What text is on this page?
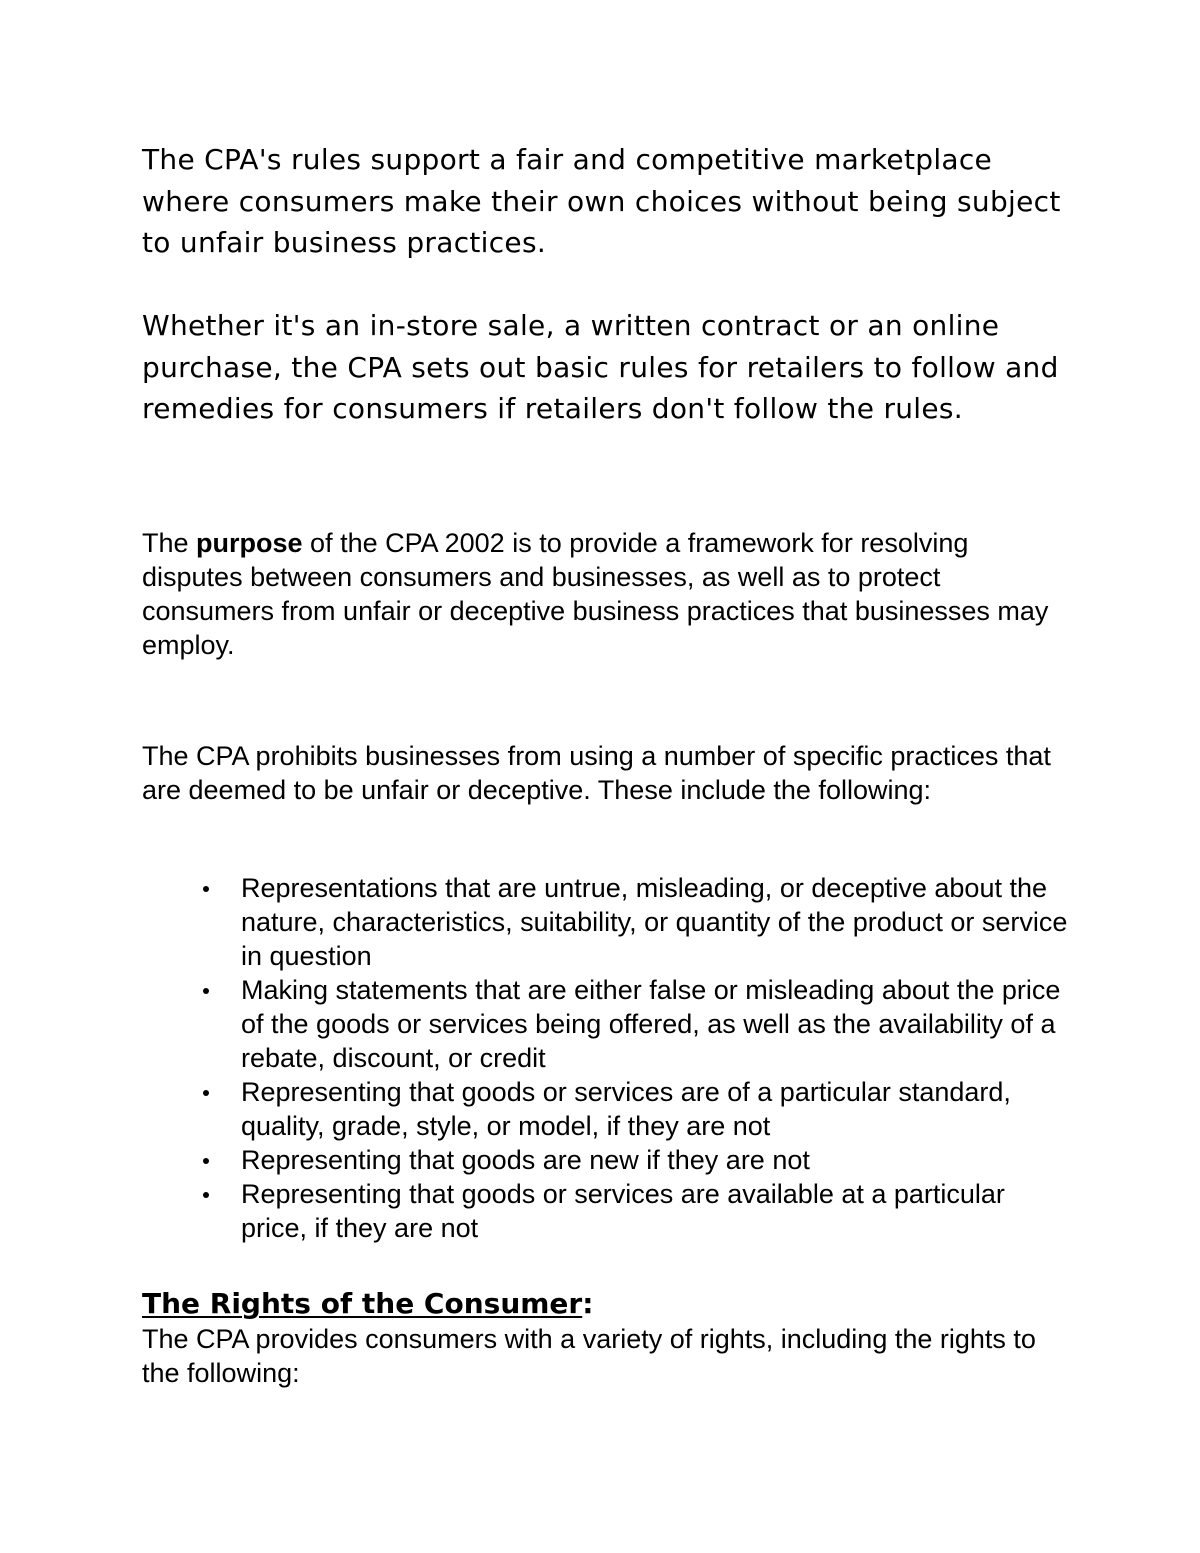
The CPA's rules support a fair and competitive marketplace where consumers make their own choices without being subject to unfair business practices.

Whether it's an in-store sale, a written contract or an online purchase, the CPA sets out basic rules for retailers to follow and remedies for consumers if retailers don't follow the rules.

The purpose of the CPA 2002 is to provide a framework for resolving disputes between consumers and businesses, as well as to protect consumers from unfair or deceptive business practices that businesses may employ.

The CPA prohibits businesses from using a number of specific practices that are deemed to be unfair or deceptive. These include the following:

Representations that are untrue, misleading, or deceptive about the nature, characteristics, suitability, or quantity of the product or service in question
Making statements that are either false or misleading about the price of the goods or services being offered, as well as the availability of a rebate, discount, or credit
Representing that goods or services are of a particular standard, quality, grade, style, or model, if they are not
Representing that goods are new if they are not
Representing that goods or services are available at a particular price, if they are not
The Rights of the Consumer:

The CPA provides consumers with a variety of rights, including the rights to the following:
